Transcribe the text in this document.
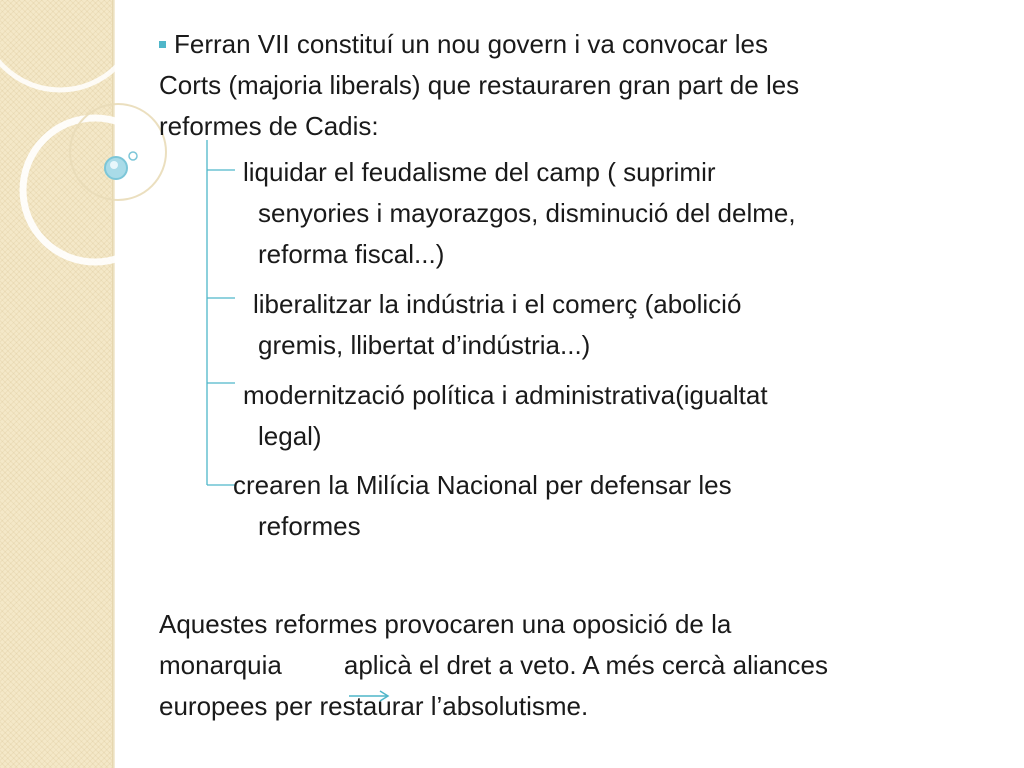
Ferran VII constituí un nou govern i va convocar les
Corts (majoria liberals) que restauraren gran part de les
reformes de Cadis:

liquidar el feudalisme del camp ( suprimir
senyories i mayorazgos, disminució del delme,
reforma fiscal...)

liberalitzar la indústria i el comerç (abolició
gremis, llibertat d’indústria...)

modernització política i administrativa(igualtat
legal)

crearen la Milícia Nacional per defensar les
reformes

Aquestes reformes provocaren una oposició de la
monarquia aplicà el dret a veto. A més cercà aliances
europees per restaurar l’absolutisme.
